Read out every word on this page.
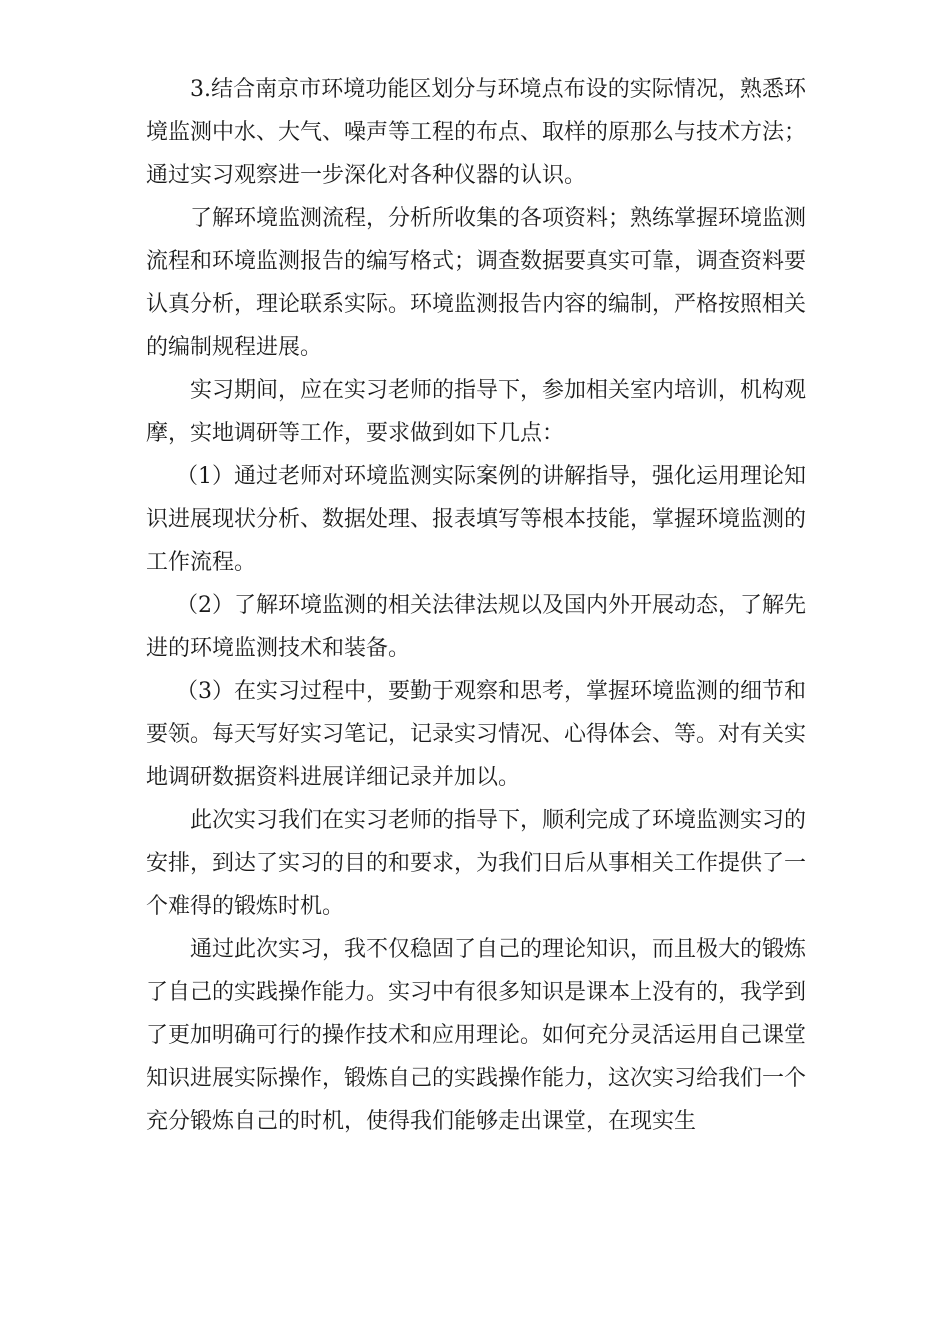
3.结合南京市环境功能区划分与环境点布设的实际情况，熟悉环境监测中水、大气、噪声等工程的布点、取样的原那么与技术方法；通过实习观察进一步深化对各种仪器的认识。

了解环境监测流程，分析所收集的各项资料；熟练掌握环境监测流程和环境监测报告的编写格式；调查数据要真实可靠，调查资料要认真分析，理论联系实际。环境监测报告内容的编制，严格按照相关的编制规程进展。

实习期间，应在实习老师的指导下，参加相关室内培训，机构观摩，实地调研等工作，要求做到如下几点：

（1）通过老师对环境监测实际案例的讲解指导，强化运用理论知识进展现状分析、数据处理、报表填写等根本技能，掌握环境监测的工作流程。

（2）了解环境监测的相关法律法规以及国内外开展动态，了解先进的环境监测技术和装备。

（3）在实习过程中，要勤于观察和思考，掌握环境监测的细节和要领。每天写好实习笔记，记录实习情况、心得体会、等。对有关实地调研数据资料进展详细记录并加以。

此次实习我们在实习老师的指导下，顺利完成了环境监测实习的安排，到达了实习的目的和要求，为我们日后从事相关工作提供了一个难得的锻炼时机。

通过此次实习，我不仅稳固了自己的理论知识，而且极大的锻炼了自己的实践操作能力。实习中有很多知识是课本上没有的，我学到了更加明确可行的操作技术和应用理论。如何充分灵活运用自己课堂知识进展实际操作，锻炼自己的实践操作能力，这次实习给我们一个充分锻炼自己的时机，使得我们能够走出课堂，在现实生
